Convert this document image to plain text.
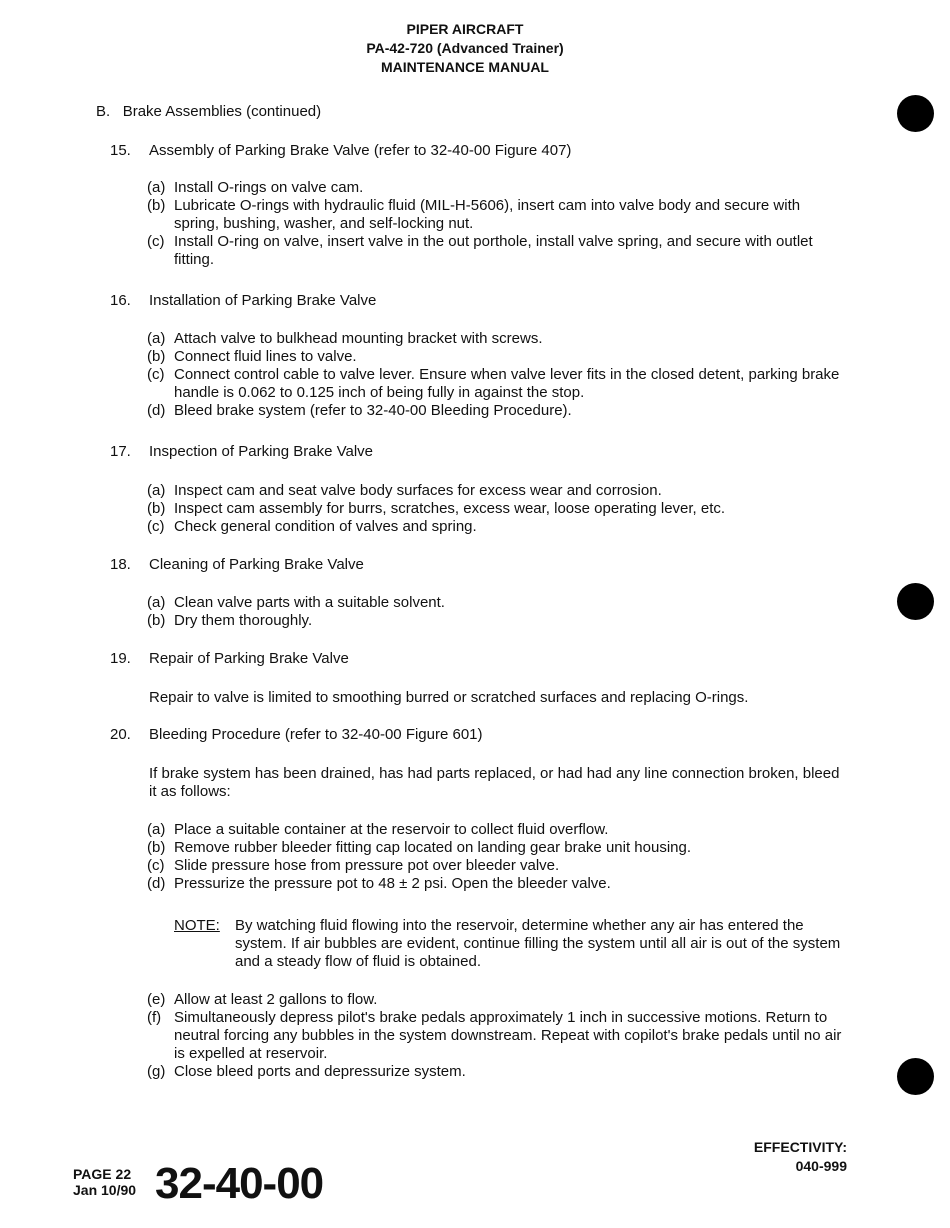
PIPER AIRCRAFT
PA-42-720 (Advanced Trainer)
MAINTENANCE MANUAL
B. Brake Assemblies (continued)
15. Assembly of Parking Brake Valve (refer to 32-40-00 Figure 407)
(a) Install O-rings on valve cam.
(b) Lubricate O-rings with hydraulic fluid (MIL-H-5606), insert cam into valve body and secure with spring, bushing, washer, and self-locking nut.
(c) Install O-ring on valve, insert valve in the out porthole, install valve spring, and secure with outlet fitting.
16. Installation of Parking Brake Valve
(a) Attach valve to bulkhead mounting bracket with screws.
(b) Connect fluid lines to valve.
(c) Connect control cable to valve lever. Ensure when valve lever fits in the closed detent, parking brake handle is 0.062 to 0.125 inch of being fully in against the stop.
(d) Bleed brake system (refer to 32-40-00 Bleeding Procedure).
17. Inspection of Parking Brake Valve
(a) Inspect cam and seat valve body surfaces for excess wear and corrosion.
(b) Inspect cam assembly for burrs, scratches, excess wear, loose operating lever, etc.
(c) Check general condition of valves and spring.
18. Cleaning of Parking Brake Valve
(a) Clean valve parts with a suitable solvent.
(b) Dry them thoroughly.
19. Repair of Parking Brake Valve
Repair to valve is limited to smoothing burred or scratched surfaces and replacing O-rings.
20. Bleeding Procedure (refer to 32-40-00 Figure 601)
If brake system has been drained, has had parts replaced, or had had any line connection broken, bleed it as follows:
(a) Place a suitable container at the reservoir to collect fluid overflow.
(b) Remove rubber bleeder fitting cap located on landing gear brake unit housing.
(c) Slide pressure hose from pressure pot over bleeder valve.
(d) Pressurize the pressure pot to 48 ± 2 psi. Open the bleeder valve.
NOTE:	By watching fluid flowing into the reservoir, determine whether any air has entered the system. If air bubbles are evident, continue filling the system until all air is out of the system and a steady flow of fluid is obtained.
(e) Allow at least 2 gallons to flow.
(f) Simultaneously depress pilot's brake pedals approximately 1 inch in successive motions. Return to neutral forcing any bubbles in the system downstream. Repeat with copilot's brake pedals until no air is expelled at reservoir.
(g) Close bleed ports and depressurize system.
PAGE 22
Jan 10/90 32-40-00
EFFECTIVITY:
040-999
